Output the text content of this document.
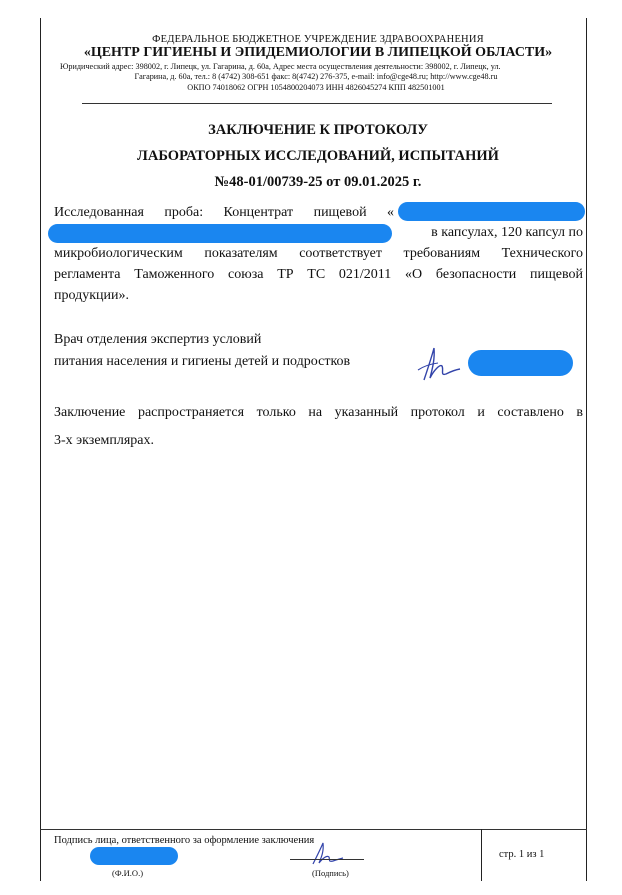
ФЕДЕРАЛЬНОЕ БЮДЖЕТНОЕ УЧРЕЖДЕНИЕ ЗДРАВООХРАНЕНИЯ
«ЦЕНТР ГИГИЕНЫ И ЭПИДЕМИОЛОГИИ В ЛИПЕЦКОЙ ОБЛАСТИ»
Юридический адрес: 398002, г. Липецк, ул. Гагарина, д. 60а, Адрес места осуществления деятельности: 398002, г. Липецк, ул.
Гагарина, д. 60а, тел.: 8 (4742) 308-651 факс: 8(4742) 276-375, e-mail: info@cge48.ru; http://www.cge48.ru
ОКПО 74018062 ОГРН 1054800204073 ИНН 4826045274 КПП 482501001
ЗАКЛЮЧЕНИЕ К ПРОТОКОЛУ
ЛАБОРАТОРНЫХ ИССЛЕДОВАНИЙ, ИСПЫТАНИЙ
№48-01/00739-25 от 09.01.2025 г.
Исследованная проба: Концентрат пищевой «
в капсулах, 120 капсул по
микробиологическим показателям соответствует требованиям Технического
регламента Таможенного союза ТР ТС 021/2011 «О безопасности пищевой
продукции».
Врач отделения экспертиз условий
питания населения и гигиены детей и подростков
Заключение распространяется только на указанный протокол и составлено в
3-х экземплярах.
Подпись лица, ответственного за оформление заключения
(Ф.И.О.)	(Подпись)
стр. 1 из 1
